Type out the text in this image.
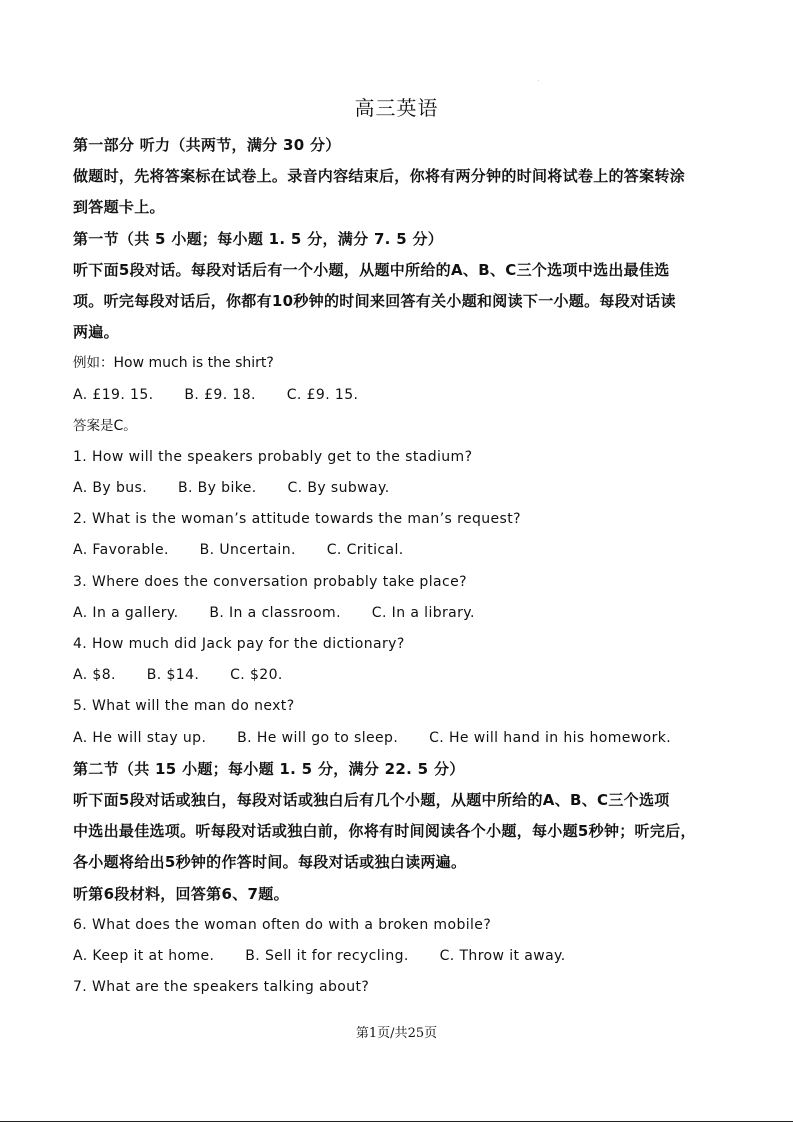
高三英语
第一部分 听力（共两节，满分 30 分）
做题时，先将答案标在试卷上。录音内容结束后，你将有两分钟的时间将试卷上的答案转涂
到答题卡上。
第一节（共 5 小题；每小题 1. 5 分，满分 7. 5 分）
听下面5段对话。每段对话后有一个小题，从题中所给的A、B、C三个选项中选出最佳选
项。听完每段对话后，你都有10秒钟的时间来回答有关小题和阅读下一小题。每段对话读
两遍。
例如：How much is the shirt?
A. £19. 15. B. £9. 18. C. £9. 15.
答案是C。
1. How will the speakers probably get to the stadium?
A. By bus. B. By bike. C. By subway.
2. What is the woman’s attitude towards the man’s request?
A. Favorable. B. Uncertain. C. Critical.
3. Where does the conversation probably take place?
A. In a gallery. B. In a classroom. C. In a library.
4. How much did Jack pay for the dictionary?
A. $8. B. $14. C. $20.
5. What will the man do next?
A. He will stay up. B. He will go to sleep. C. He will hand in his homework.
第二节（共 15 小题；每小题 1. 5 分，满分 22. 5 分）
听下面5段对话或独白，每段对话或独白后有几个小题，从题中所给的A、B、C三个选项
中选出最佳选项。听每段对话或独白前，你将有时间阅读各个小题，每小题5秒钟；听完后，
各小题将给出5秒钟的作答时间。每段对话或独白读两遍。
听第6段材料，回答第6、7题。
6. What does the woman often do with a broken mobile?
A. Keep it at home. B. Sell it for recycling. C. Throw it away.
7. What are the speakers talking about?
第1页/共25页
